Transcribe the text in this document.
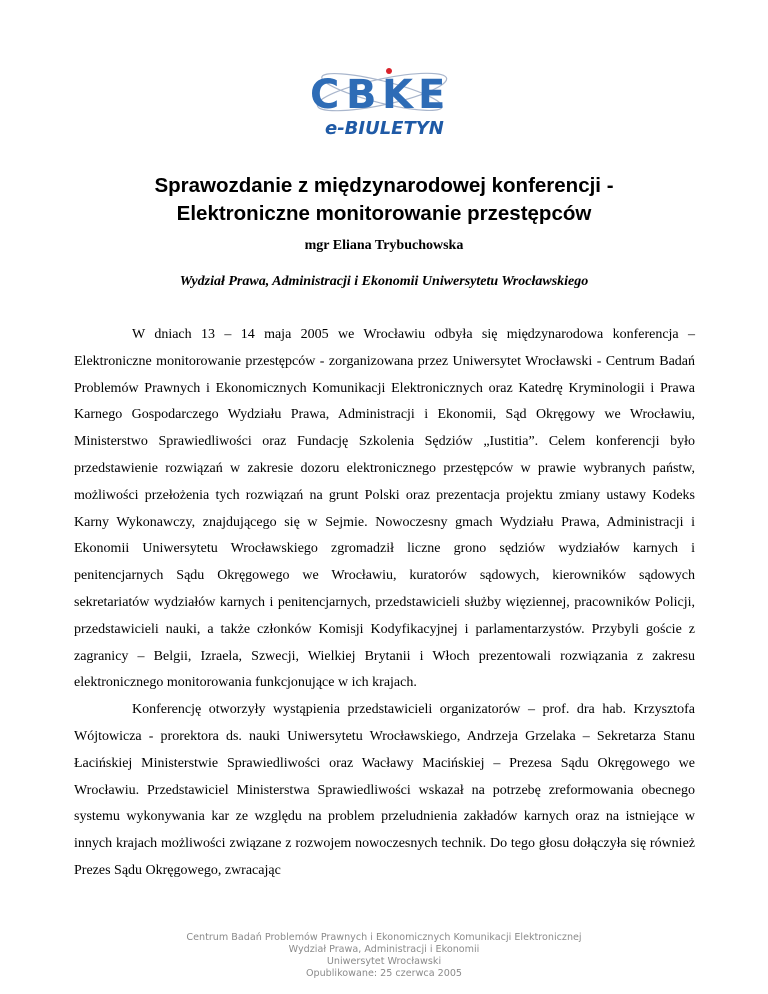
C B K E
e-BIULETYN
Sprawozdanie z międzynarodowej konferencji -
Elektroniczne monitorowanie przestępców
mgr Eliana Trybuchowska
Wydział Prawa, Administracji i Ekonomii Uniwersytetu Wrocławskiego

W dniach 13 – 14 maja 2005 we Wrocławiu odbyła się międzynarodowa konferencja – Elektroniczne monitorowanie przestępców - zorganizowana przez Uniwersytet Wrocławski - Centrum Badań Problemów Prawnych i Ekonomicznych Komunikacji Elektronicznych oraz Katedrę Kryminologii i Prawa Karnego Gospodarczego Wydziału Prawa, Administracji i Ekonomii, Sąd Okręgowy we Wrocławiu, Ministerstwo Sprawiedliwości oraz Fundację Szkolenia Sędziów „Iustitia”. Celem konferencji było przedstawienie rozwiązań w zakresie dozoru elektronicznego przestępców w prawie wybranych państw, możliwości przełożenia tych rozwiązań na grunt Polski oraz prezentacja projektu zmiany ustawy Kodeks Karny Wykonawczy, znajdującego się w Sejmie. Nowoczesny gmach Wydziału Prawa, Administracji i Ekonomii Uniwersytetu Wrocławskiego zgromadził liczne grono sędziów wydziałów karnych i penitencjarnych Sądu Okręgowego we Wrocławiu, kuratorów sądowych, kierowników sądowych sekretariatów wydziałów karnych i penitencjarnych, przedstawicieli służby więziennej, pracowników Policji, przedstawicieli nauki, a także członków Komisji Kodyfikacyjnej i parlamentarzystów. Przybyli goście z zagranicy – Belgii, Izraela, Szwecji, Wielkiej Brytanii i Włoch prezentowali rozwiązania z zakresu elektronicznego monitorowania funkcjonujące w ich krajach.

Konferencję otworzyły wystąpienia przedstawicieli organizatorów – prof. dra hab. Krzysztofa Wójtowicza - prorektora ds. nauki Uniwersytetu Wrocławskiego, Andrzeja Grzelaka – Sekretarza Stanu Łacińskiej Ministerstwie Sprawiedliwości oraz Wacławy Macińskiej – Prezesa Sądu Okręgowego we Wrocławiu. Przedstawiciel Ministerstwa Sprawiedliwości wskazał na potrzebę zreformowania obecnego systemu wykonywania kar ze względu na problem przeludnienia zakładów karnych oraz na istniejące w innych krajach możliwości związane z rozwojem nowoczesnych technik. Do tego głosu dołączyła się również Prezes Sądu Okręgowego, zwracając

Centrum Badań Problemów Prawnych i Ekonomicznych Komunikacji Elektronicznej
Wydział Prawa, Administracji i Ekonomii
Uniwersytet Wrocławski
Opublikowane: 25 czerwca 2005
